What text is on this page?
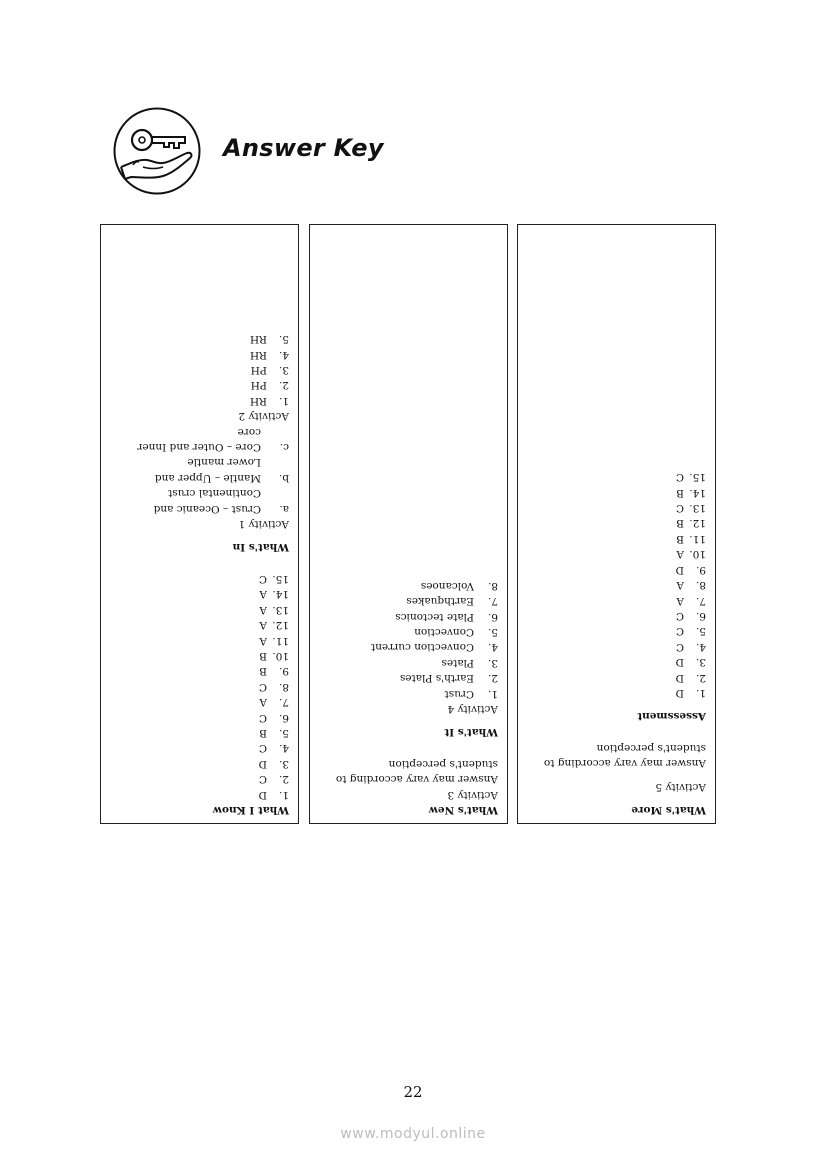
Answer Key
What I Know
1.
D
2.
C
3.
D
4.
C
5.
B
6.
C
7.
A
8.
C
9.
B
10.
B
11.
A
12.
A
13.
A
14.
A
15.
C
What's In
Activity 1
a.
Crust – Oceanic and Continental crust
b.
Mantle – Upper and Lower mantle
c.
Core – Outer and Inner core
Activity 2
1.
RH
2.
PH
3.
PH
4.
RH
5.
RH
What's New
Activity 3
Answer may vary according to student's perception
What's It
Activity 4
1.
Crust
2.
Earth's Plates
3.
Plates
4.
Convection current
5.
Convection
6.
Plate tectonics
7.
Earthquakes
8.
Volcanoes
What's More
Activity 5
Answer may vary according to student's perception
Assessment
1.
D
2.
D
3.
D
4.
C
5.
C
6.
C
7.
A
8.
A
9.
D
10.
A
11.
B
12.
B
13.
C
14.
B
15.
C
22
www.modyul.online
